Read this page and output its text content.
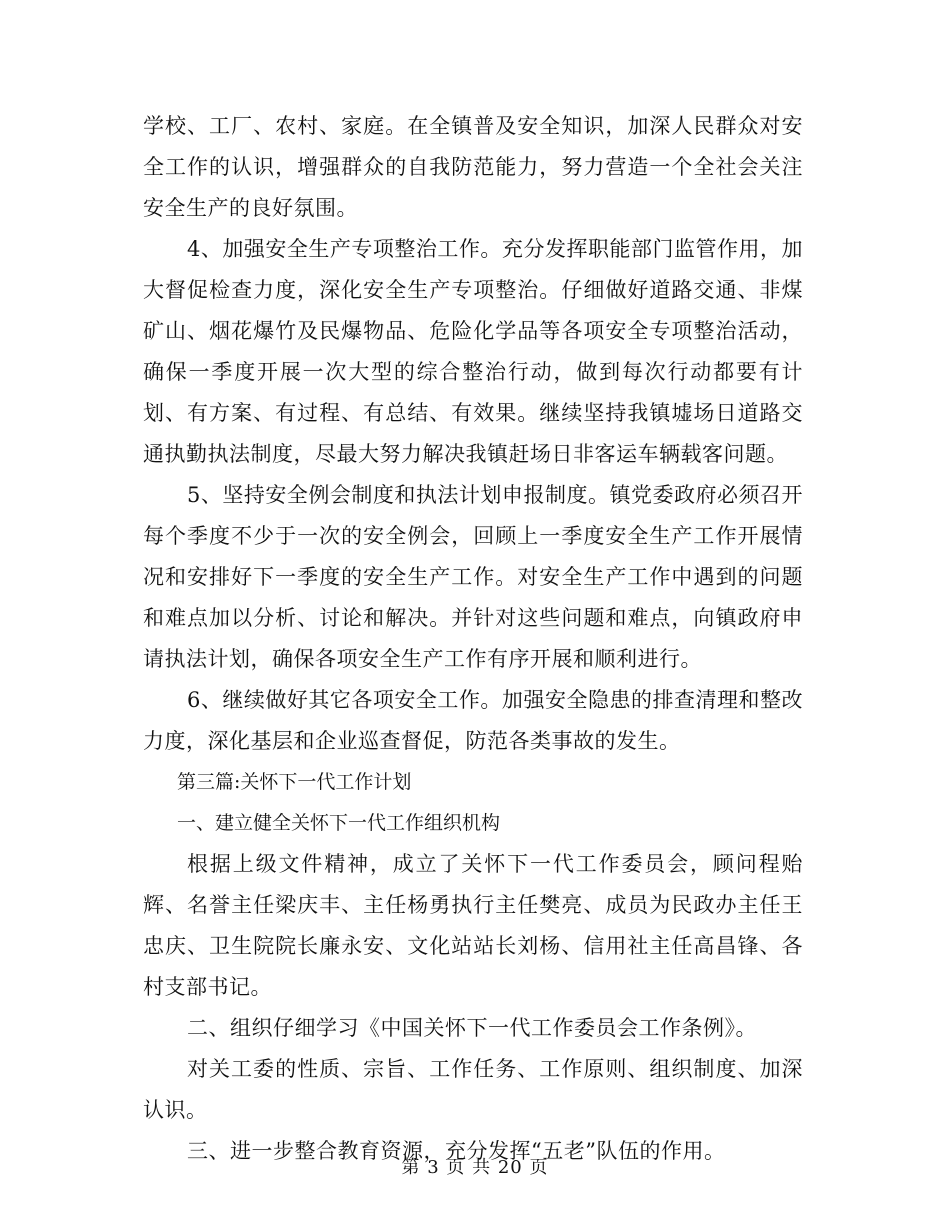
学校、工厂、农村、家庭。在全镇普及安全知识，加深人民群众对安全工作的认识，增强群众的自我防范能力，努力营造一个全社会关注安全生产的良好氛围。

4、加强安全生产专项整治工作。充分发挥职能部门监管作用，加大督促检查力度，深化安全生产专项整治。仔细做好道路交通、非煤矿山、烟花爆竹及民爆物品、危险化学品等各项安全专项整治活动，确保一季度开展一次大型的综合整治行动，做到每次行动都要有计划、有方案、有过程、有总结、有效果。继续坚持我镇墟场日道路交通执勤执法制度，尽最大努力解决我镇赶场日非客运车辆载客问题。

5、坚持安全例会制度和执法计划申报制度。镇党委政府必须召开每个季度不少于一次的安全例会，回顾上一季度安全生产工作开展情况和安排好下一季度的安全生产工作。对安全生产工作中遇到的问题和难点加以分析、讨论和解决。并针对这些问题和难点，向镇政府申请执法计划，确保各项安全生产工作有序开展和顺利进行。

6、继续做好其它各项安全工作。加强安全隐患的排查清理和整改力度，深化基层和企业巡查督促，防范各类事故的发生。

第三篇:关怀下一代工作计划

一、建立健全关怀下一代工作组织机构

根据上级文件精神，成立了关怀下一代工作委员会，顾问程贻辉、名誉主任梁庆丰、主任杨勇执行主任樊亮、成员为民政办主任王忠庆、卫生院院长廉永安、文化站站长刘杨、信用社主任高昌锋、各村支部书记。

二、组织仔细学习《中国关怀下一代工作委员会工作条例》。

对关工委的性质、宗旨、工作任务、工作原则、组织制度、加深认识。

三、进一步整合教育资源，充分发挥“五老”队伍的作用。

第 3 页 共 20 页
